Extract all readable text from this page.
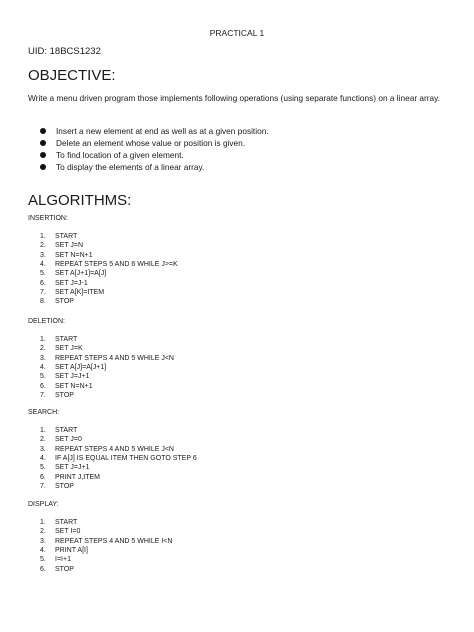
PRACTICAL 1
UID: 18BCS1232
OBJECTIVE:
Write a menu driven program those implements following operations (using separate functions) on a linear array.
Insert a new element at end as well as at a given position.
Delete an element whose value or position is given.
To find location of a given element.
To display the elements of a linear array.
ALGORITHMS:
INSERTION:
1.	START
2.	SET J=N
3.	SET N=N+1
4.	REPEAT STEPS 5 AND 6 WHILE J>=K
5.	SET A[J+1]=A[J]
6.	SET J=J-1
7.	SET A[K]=ITEM
8.	STOP
DELETION:
1.	START
2.	SET J=K
3.	REPEAT STEPS 4 AND 5 WHILE J<N
4.	SET A[J]=A[J+1]
5.	SET J=J+1
6.	SET N=N+1
7.	STOP
SEARCH:
1.	START
2.	SET J=0
3.	REPEAT STEPS 4 AND 5 WHILE J<N
4.	IF A[J] IS EQUAL ITEM THEN GOTO STEP 6
5.	SET J=J+1
6.	PRINT J,ITEM
7.	STOP
DISPLAY:
1.	START
2.	SET I=0
3.	REPEAT STEPS 4 AND 5 WHILE I<N
4.	PRINT A[I]
5.	I=I+1
6.	STOP
